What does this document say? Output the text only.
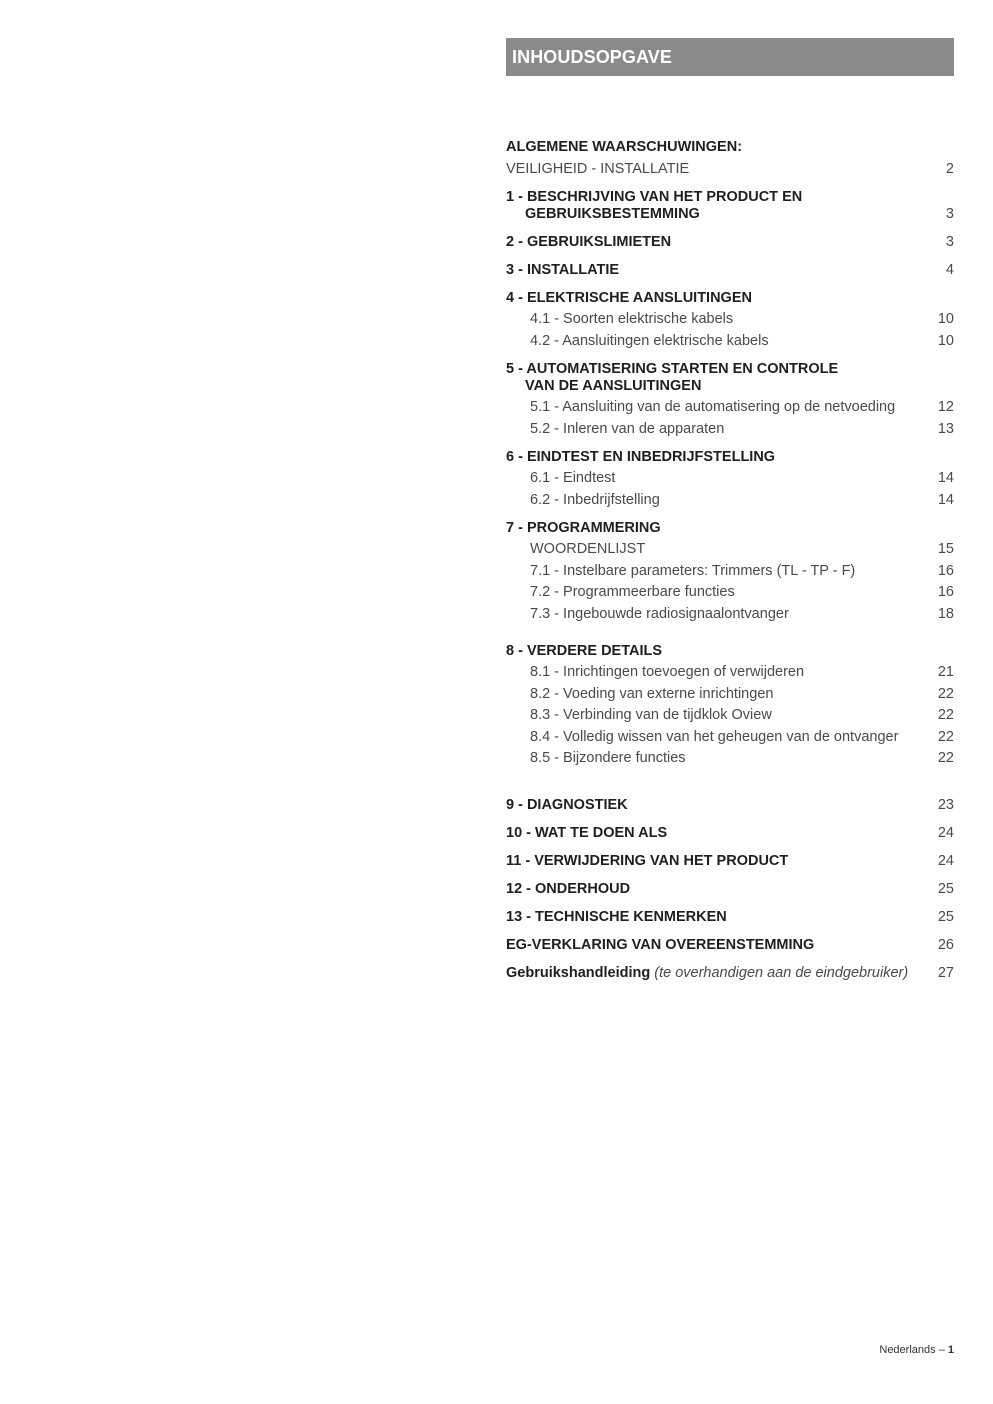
INHOUDSOPGAVE
ALGEMENE WAARSCHUWINGEN:
VEILIGHEID - INSTALLATIE	2
1 - BESCHRIJVING VAN HET PRODUCT EN
GEBRUIKSBESTEMMING	3
2 - GEBRUIKSLIMIETEN	3
3 - INSTALLATIE	4
4 - ELEKTRISCHE AANSLUITINGEN
4.1 - Soorten elektrische kabels	10
4.2 - Aansluitingen elektrische kabels	10
5 - AUTOMATISERING STARTEN EN CONTROLE
VAN DE AANSLUITINGEN
5.1 - Aansluiting van de automatisering op de netvoeding	12
5.2 - Inleren van de apparaten	13
6 - EINDTEST EN INBEDRIJFSTELLING
6.1 - Eindtest	14
6.2 - Inbedrijfstelling	14
7 - PROGRAMMERING
WOORDENLIJST	15
7.1 - Instelbare parameters: Trimmers (TL - TP - F)	16
7.2 - Programmeerbare functies	16
7.3 - Ingebouwde radiosignaalontvanger	18
8 - VERDERE DETAILS
8.1 - Inrichtingen toevoegen of verwijderen	21
8.2 - Voeding van externe inrichtingen	22
8.3 - Verbinding van de tijdklok Oview	22
8.4 - Volledig wissen van het geheugen van de ontvanger	22
8.5 - Bijzondere functies	22
9 - DIAGNOSTIEK	23
10 - WAT TE DOEN ALS	24
11 - VERWIJDERING VAN HET PRODUCT	24
12 - ONDERHOUD	25
13 - TECHNISCHE KENMERKEN	25
EG-VERKLARING VAN OVEREENSTEMMING	26
Gebruikshandleiding (te overhandigen aan de eindgebruiker)	27
Nederlands – 1
